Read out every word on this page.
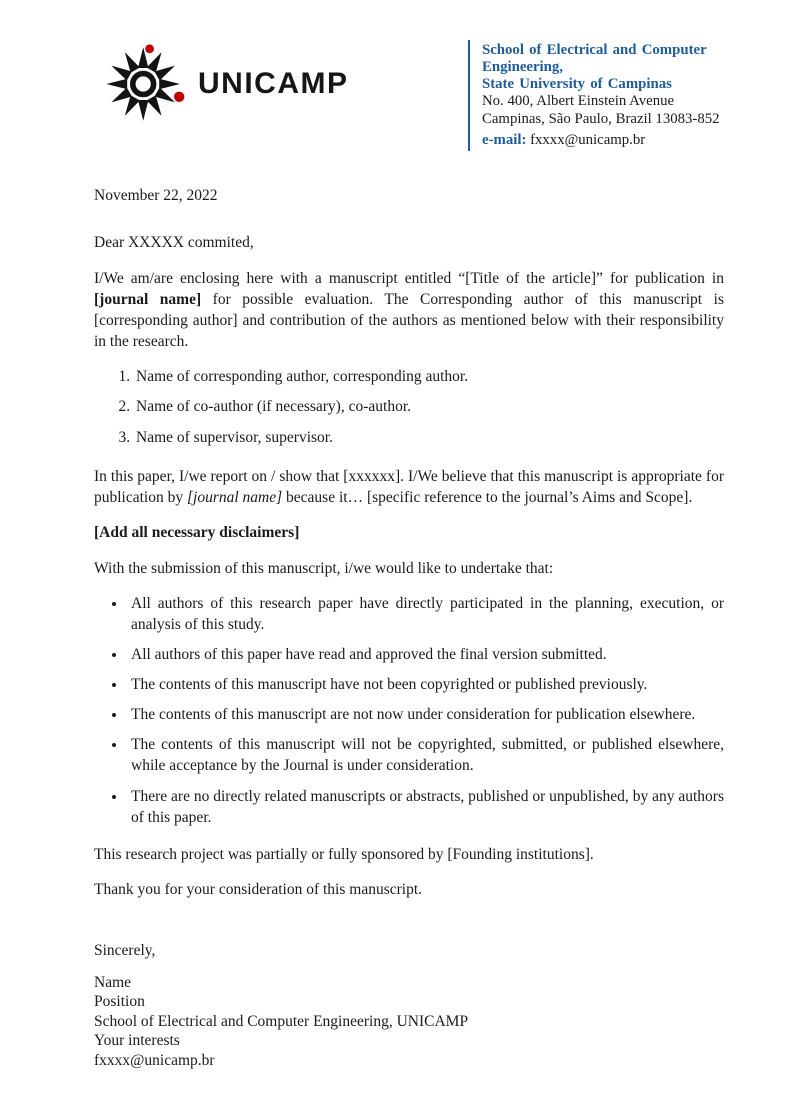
UNICAMP
School of Electrical and Computer
Engineering,
State University of Campinas
No. 400, Albert Einstein Avenue
Campinas, São Paulo, Brazil 13083-852
e-mail: fxxxx@unicamp.br
November 22, 2022
Dear XXXXX commited,

I/We am/are enclosing here with a manuscript entitled “[Title of the article]” for publication in [journal name] for possible evaluation. The Corresponding author of this manuscript is [corresponding author] and contribution of the authors as mentioned below with their responsibility in the research.

1. Name of corresponding author, corresponding author.
2. Name of co-author (if necessary), co-author.
3. Name of supervisor, supervisor.

In this paper, I/we report on / show that [xxxxxx]. I/We believe that this manuscript is appropriate for publication by [journal name] because it… [specific reference to the journal’s Aims and Scope].

[Add all necessary disclaimers]

With the submission of this manuscript, i/we would like to undertake that:

• All authors of this research paper have directly participated in the planning, execution, or analysis of this study.
• All authors of this paper have read and approved the final version submitted.
• The contents of this manuscript have not been copyrighted or published previously.
• The contents of this manuscript are not now under consideration for publication elsewhere.
• The contents of this manuscript will not be copyrighted, submitted, or published elsewhere, while acceptance by the Journal is under consideration.
• There are no directly related manuscripts or abstracts, published or unpublished, by any authors of this paper.

This research project was partially or fully sponsored by [Founding institutions].

Thank you for your consideration of this manuscript.

Sincerely,
Name
Position
School of Electrical and Computer Engineering, UNICAMP
Your interests
fxxxx@unicamp.br
